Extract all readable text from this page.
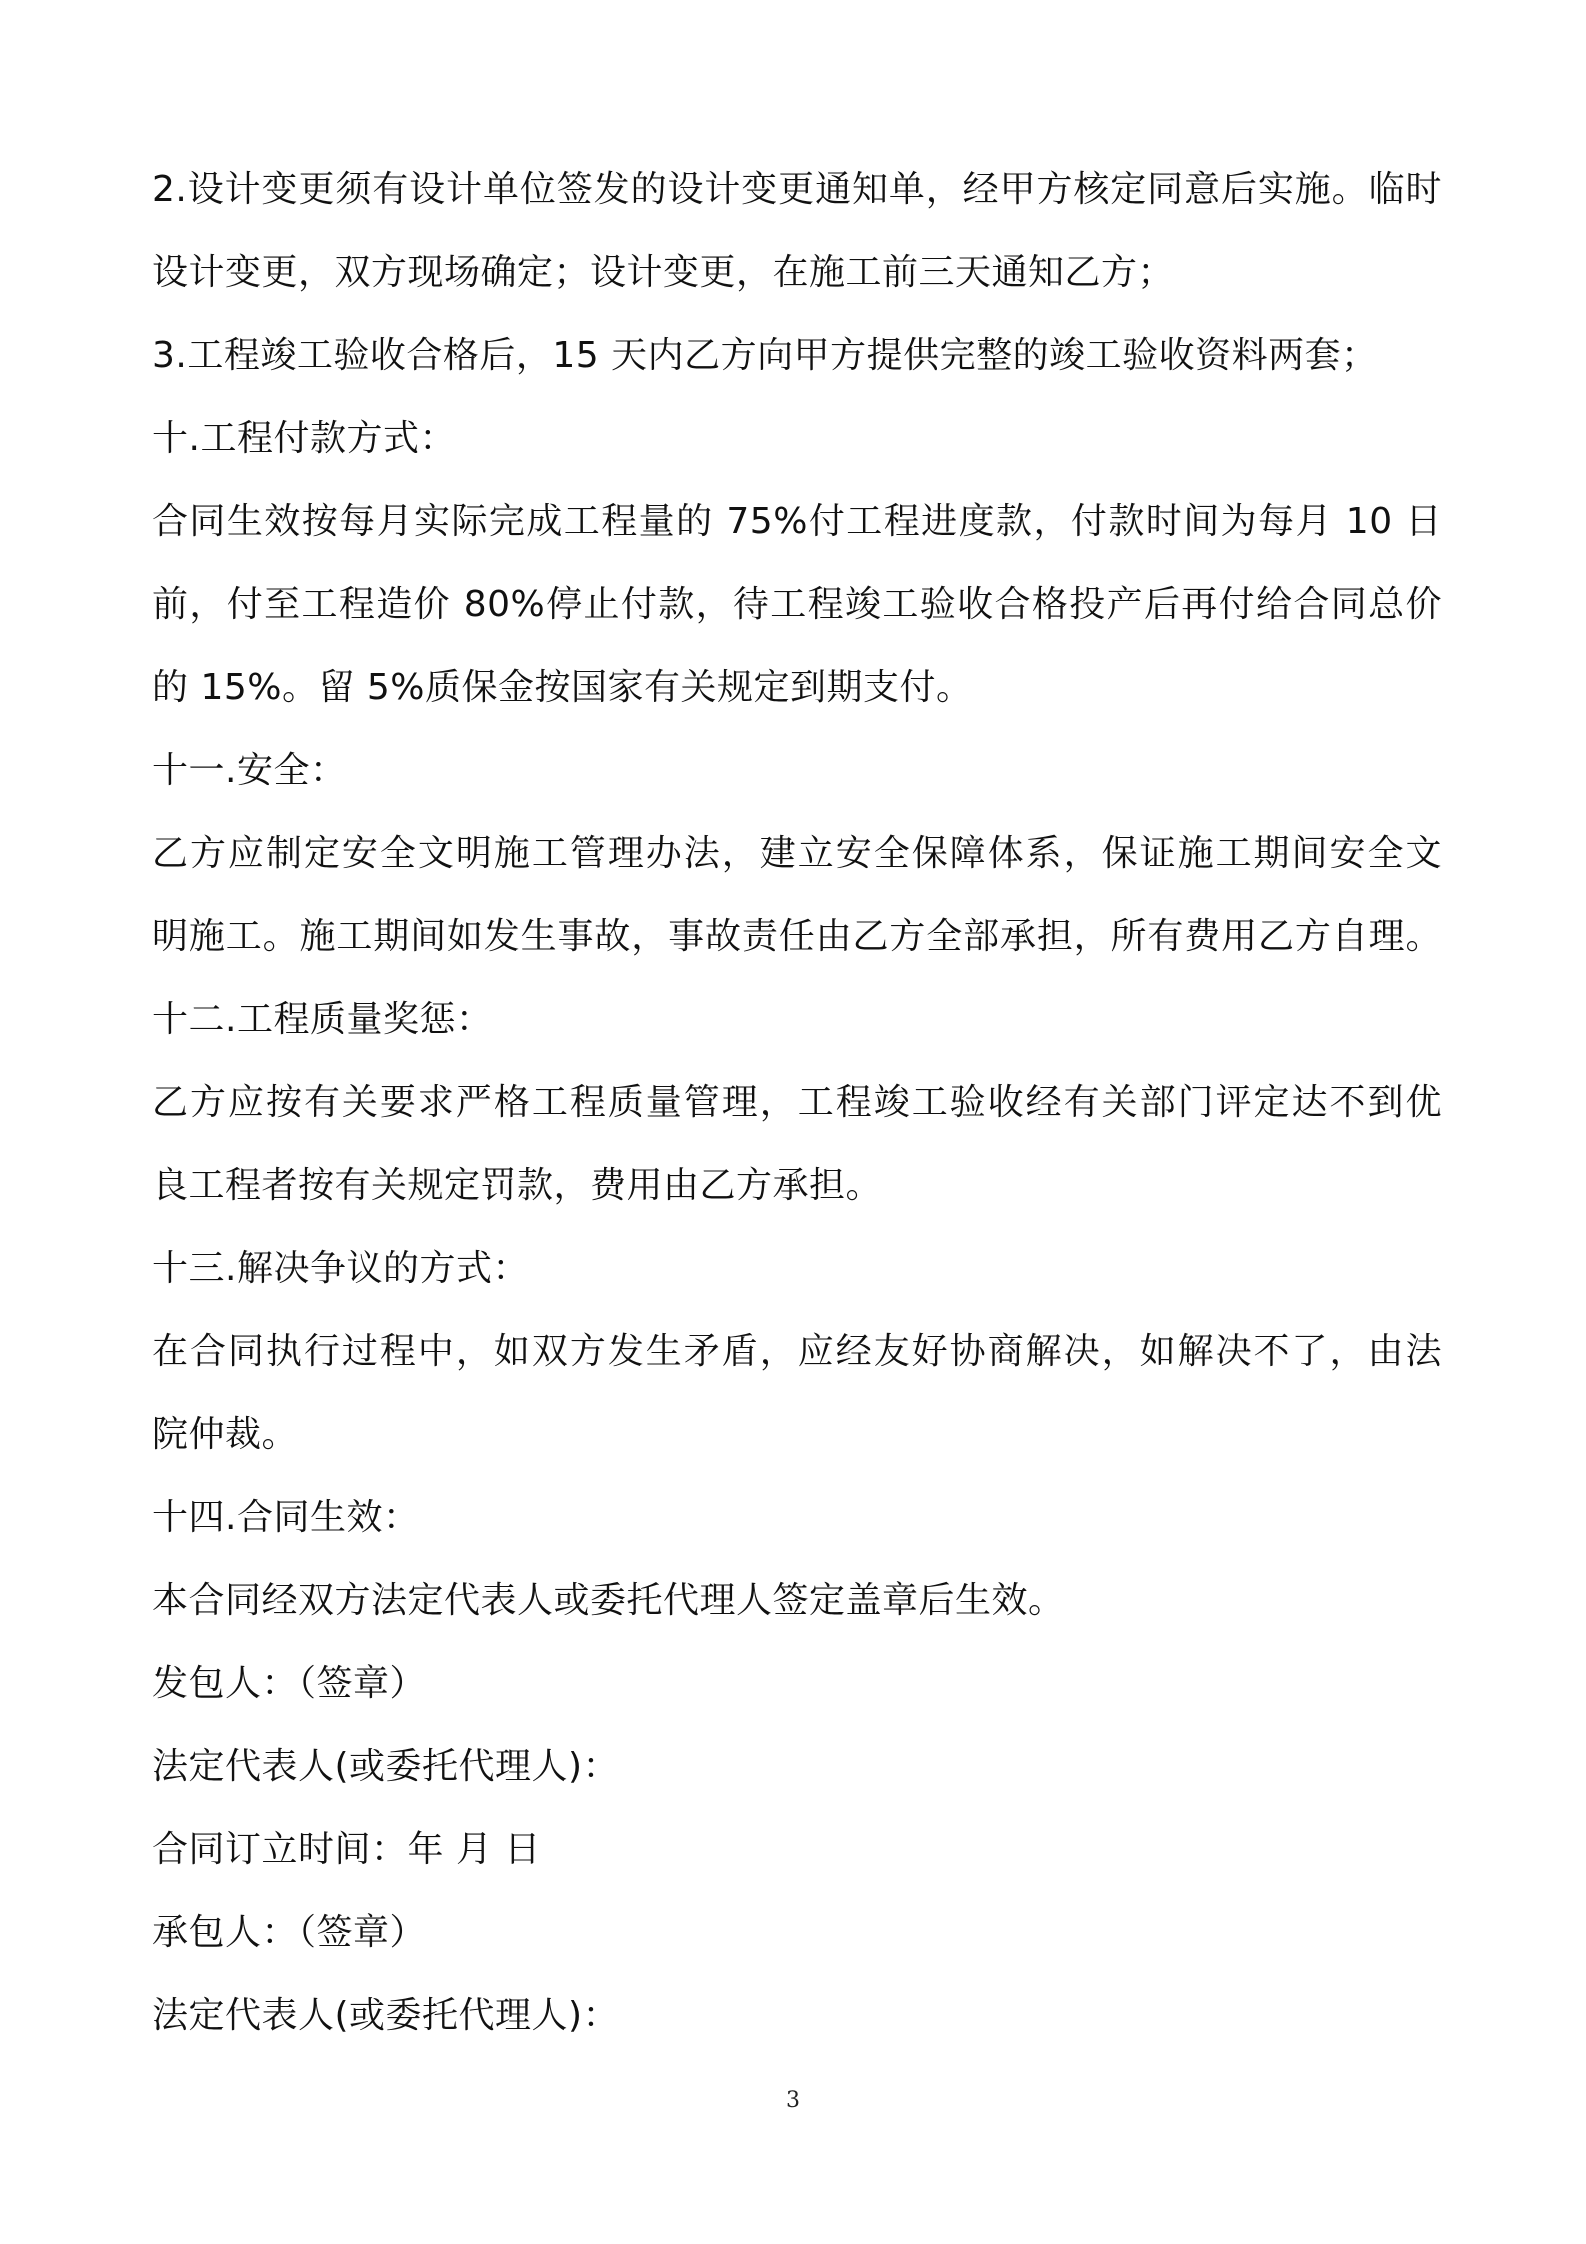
2.设计变更须有设计单位签发的设计变更通知单，经甲方核定同意后实施。临时
设计变更，双方现场确定；设计变更，在施工前三天通知乙方；
3.工程竣工验收合格后，15 天内乙方向甲方提供完整的竣工验收资料两套；
十.工程付款方式：
合同生效按每月实际完成工程量的 75%付工程进度款，付款时间为每月 10 日
前，付至工程造价 80%停止付款，待工程竣工验收合格投产后再付给合同总价
的 15%。留 5%质保金按国家有关规定到期支付。
十一.安全：
乙方应制定安全文明施工管理办法，建立安全保障体系，保证施工期间安全文
明施工。施工期间如发生事故，事故责任由乙方全部承担，所有费用乙方自理。
十二.工程质量奖惩：
乙方应按有关要求严格工程质量管理，工程竣工验收经有关部门评定达不到优
良工程者按有关规定罚款，费用由乙方承担。
十三.解决争议的方式：
在合同执行过程中，如双方发生矛盾，应经友好协商解决，如解决不了，由法
院仲裁。
十四.合同生效：
本合同经双方法定代表人或委托代理人签定盖章后生效。
发包人：（签章）
法定代表人(或委托代理人)：
合同订立时间：年 月 日
承包人：（签章）
法定代表人(或委托代理人)：
3
